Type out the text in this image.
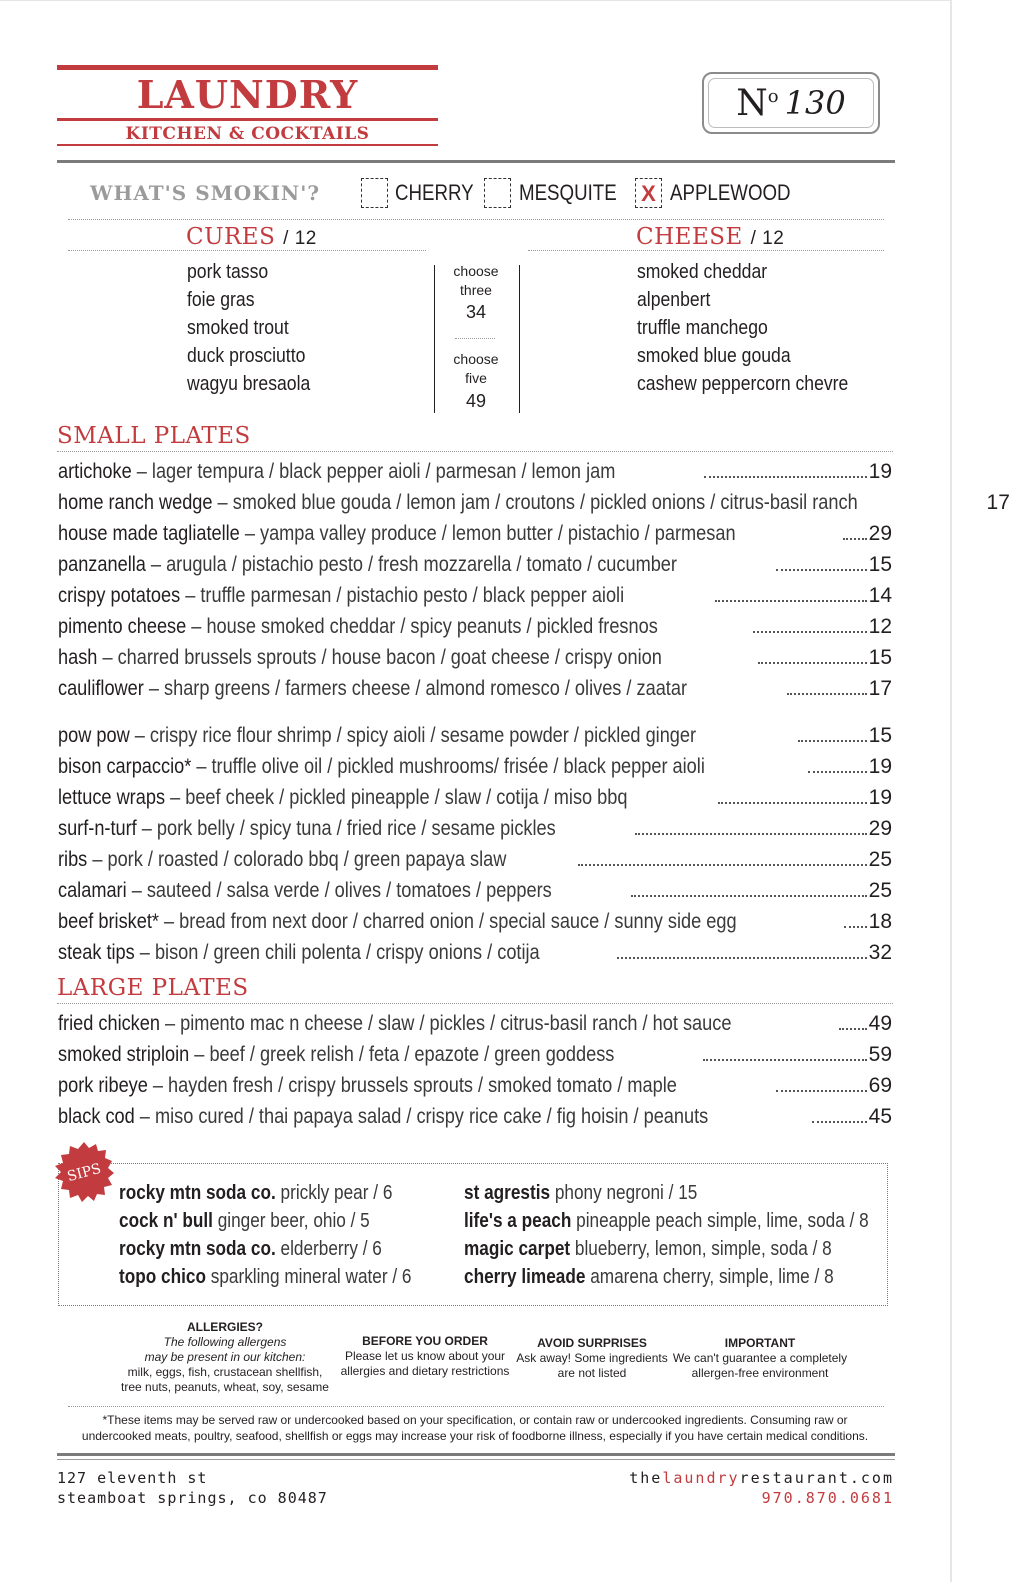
LAUNDRY
KITCHEN & COCKTAILS
$N^o$ 130
WHAT'S SMOKIN'?	CHERRY MESQUITE X APPLEWOOD
CURES / 12	CHEESE / 12
pork tasso
foie gras
smoked trout
duck prosciutto
wagyu bresaola
choose
three
34
choose
five
49
smoked cheddar
alpenbert
truffle manchego
smoked blue gouda
cashew peppercorn chevre
SMALL PLATES
artichoke – lager tempura / black pepper aioli / parmesan / lemon jam	19
home ranch wedge – smoked blue gouda / lemon jam / croutons / pickled onions / citrus-basil ranch	17
house made tagliatelle – yampa valley produce / lemon butter / pistachio / parmesan	29
panzanella – arugula / pistachio pesto / fresh mozzarella / tomato / cucumber	15
crispy potatoes – truffle parmesan / pistachio pesto / black pepper aioli	14
pimento cheese – house smoked cheddar / spicy peanuts / pickled fresnos	12
hash – charred brussels sprouts / house bacon / goat cheese / crispy onion	15
cauliflower – sharp greens / farmers cheese / almond romesco / olives / zaatar	17
pow pow – crispy rice flour shrimp / spicy aioli / sesame powder / pickled ginger	15
bison carpaccio* – truffle olive oil / pickled mushrooms/ frisée / black pepper aioli	19
lettuce wraps – beef cheek / pickled pineapple / slaw / cotija / miso bbq	19
surf-n-turf – pork belly / spicy tuna / fried rice / sesame pickles	29
ribs – pork / roasted / colorado bbq / green papaya slaw	25
calamari – sauteed / salsa verde / olives / tomatoes / peppers	25
beef brisket* – bread from next door / charred onion / special sauce / sunny side egg	18
steak tips – bison / green chili polenta / crispy onions / cotija	32
LARGE PLATES
fried chicken – pimento mac n cheese / slaw / pickles / citrus-basil ranch / hot sauce	49
smoked striploin – beef / greek relish / feta / epazote / green goddess	59
pork ribeye – hayden fresh / crispy brussels sprouts / smoked tomato / maple	69
black cod – miso cured / thai papaya salad / crispy rice cake / fig hoisin / peanuts	45
SIPS
rocky mtn soda co. prickly pear / 6
cock n' bull ginger beer, ohio / 5
rocky mtn soda co. elderberry / 6
topo chico sparkling mineral water / 6
st agrestis phony negroni / 15
life's a peach pineapple peach simple, lime, soda / 8
magic carpet blueberry, lemon, simple, soda / 8
cherry limeade amarena cherry, simple, lime / 8
ALLERGIES?
The following allergens
may be present in our kitchen:
milk, eggs, fish, crustacean shellfish,
tree nuts, peanuts, wheat, soy, sesame
BEFORE YOU ORDER
Please let us know about your
allergies and dietary restrictions
AVOID SURPRISES
Ask away! Some ingredients
are not listed
IMPORTANT
We can't guarantee a completely
allergen-free environment
*These items may be served raw or undercooked based on your specification, or contain raw or undercooked ingredients. Consuming raw or
undercooked meats, poultry, seafood, shellfish or eggs may increase your risk of foodborne illness, especially if you have certain medical conditions.
127 eleventh st
steamboat springs, co 80487
thelaundryrestaurant.com
970.870.0681
